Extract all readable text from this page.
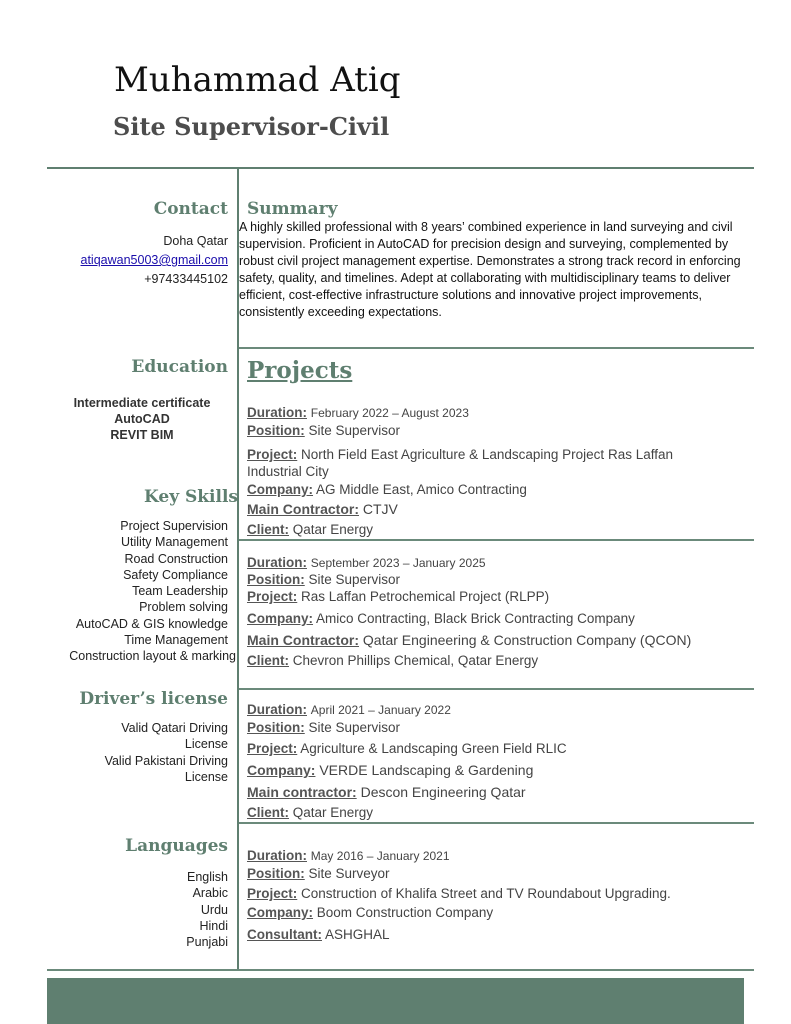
Muhammad Atiq
Site Supervisor-Civil
Contact
Doha Qatar
atiqawan5003@gmail.com
+97433445102
Education
Intermediate certificate
AutoCAD
REVIT BIM
Key Skills
Project Supervision
Utility Management
Road Construction
Safety Compliance
Team Leadership
Problem solving
AutoCAD & GIS knowledge
Time Management
Construction layout & marking
Driver’s license
Valid Qatari Driving
License
Valid Pakistani Driving
License
Languages
English
Arabic
Urdu
Hindi
Punjabi
Summary
A highly skilled professional with 8 years’ combined experience in land surveying and civil supervision. Proficient in AutoCAD for precision design and surveying, complemented by robust civil project management expertise. Demonstrates a strong track record in enforcing safety, quality, and timelines. Adept at collaborating with multidisciplinary teams to deliver efficient, cost-effective infrastructure solutions and innovative project improvements, consistently exceeding expectations.
Projects
Duration: February 2022 – August 2023
Position: Site Supervisor
Project: North Field East Agriculture & Landscaping Project Ras Laffan Industrial City
Company: AG Middle East, Amico Contracting
Main Contractor: CTJV
Client: Qatar Energy
Duration: September 2023 – January 2025
Position: Site Supervisor
Project: Ras Laffan Petrochemical Project (RLPP)
Company: Amico Contracting, Black Brick Contracting Company
Main Contractor: Qatar Engineering & Construction Company (QCON)
Client: Chevron Phillips Chemical, Qatar Energy
Duration: April 2021 – January 2022
Position: Site Supervisor
Project: Agriculture & Landscaping Green Field RLIC
Company: VERDE Landscaping & Gardening
Main contractor: Descon Engineering Qatar
Client: Qatar Energy
Duration: May 2016 – January 2021
Position: Site Surveyor
Project: Construction of Khalifa Street and TV Roundabout Upgrading.
Company: Boom Construction Company
Consultant: ASHGHAL
